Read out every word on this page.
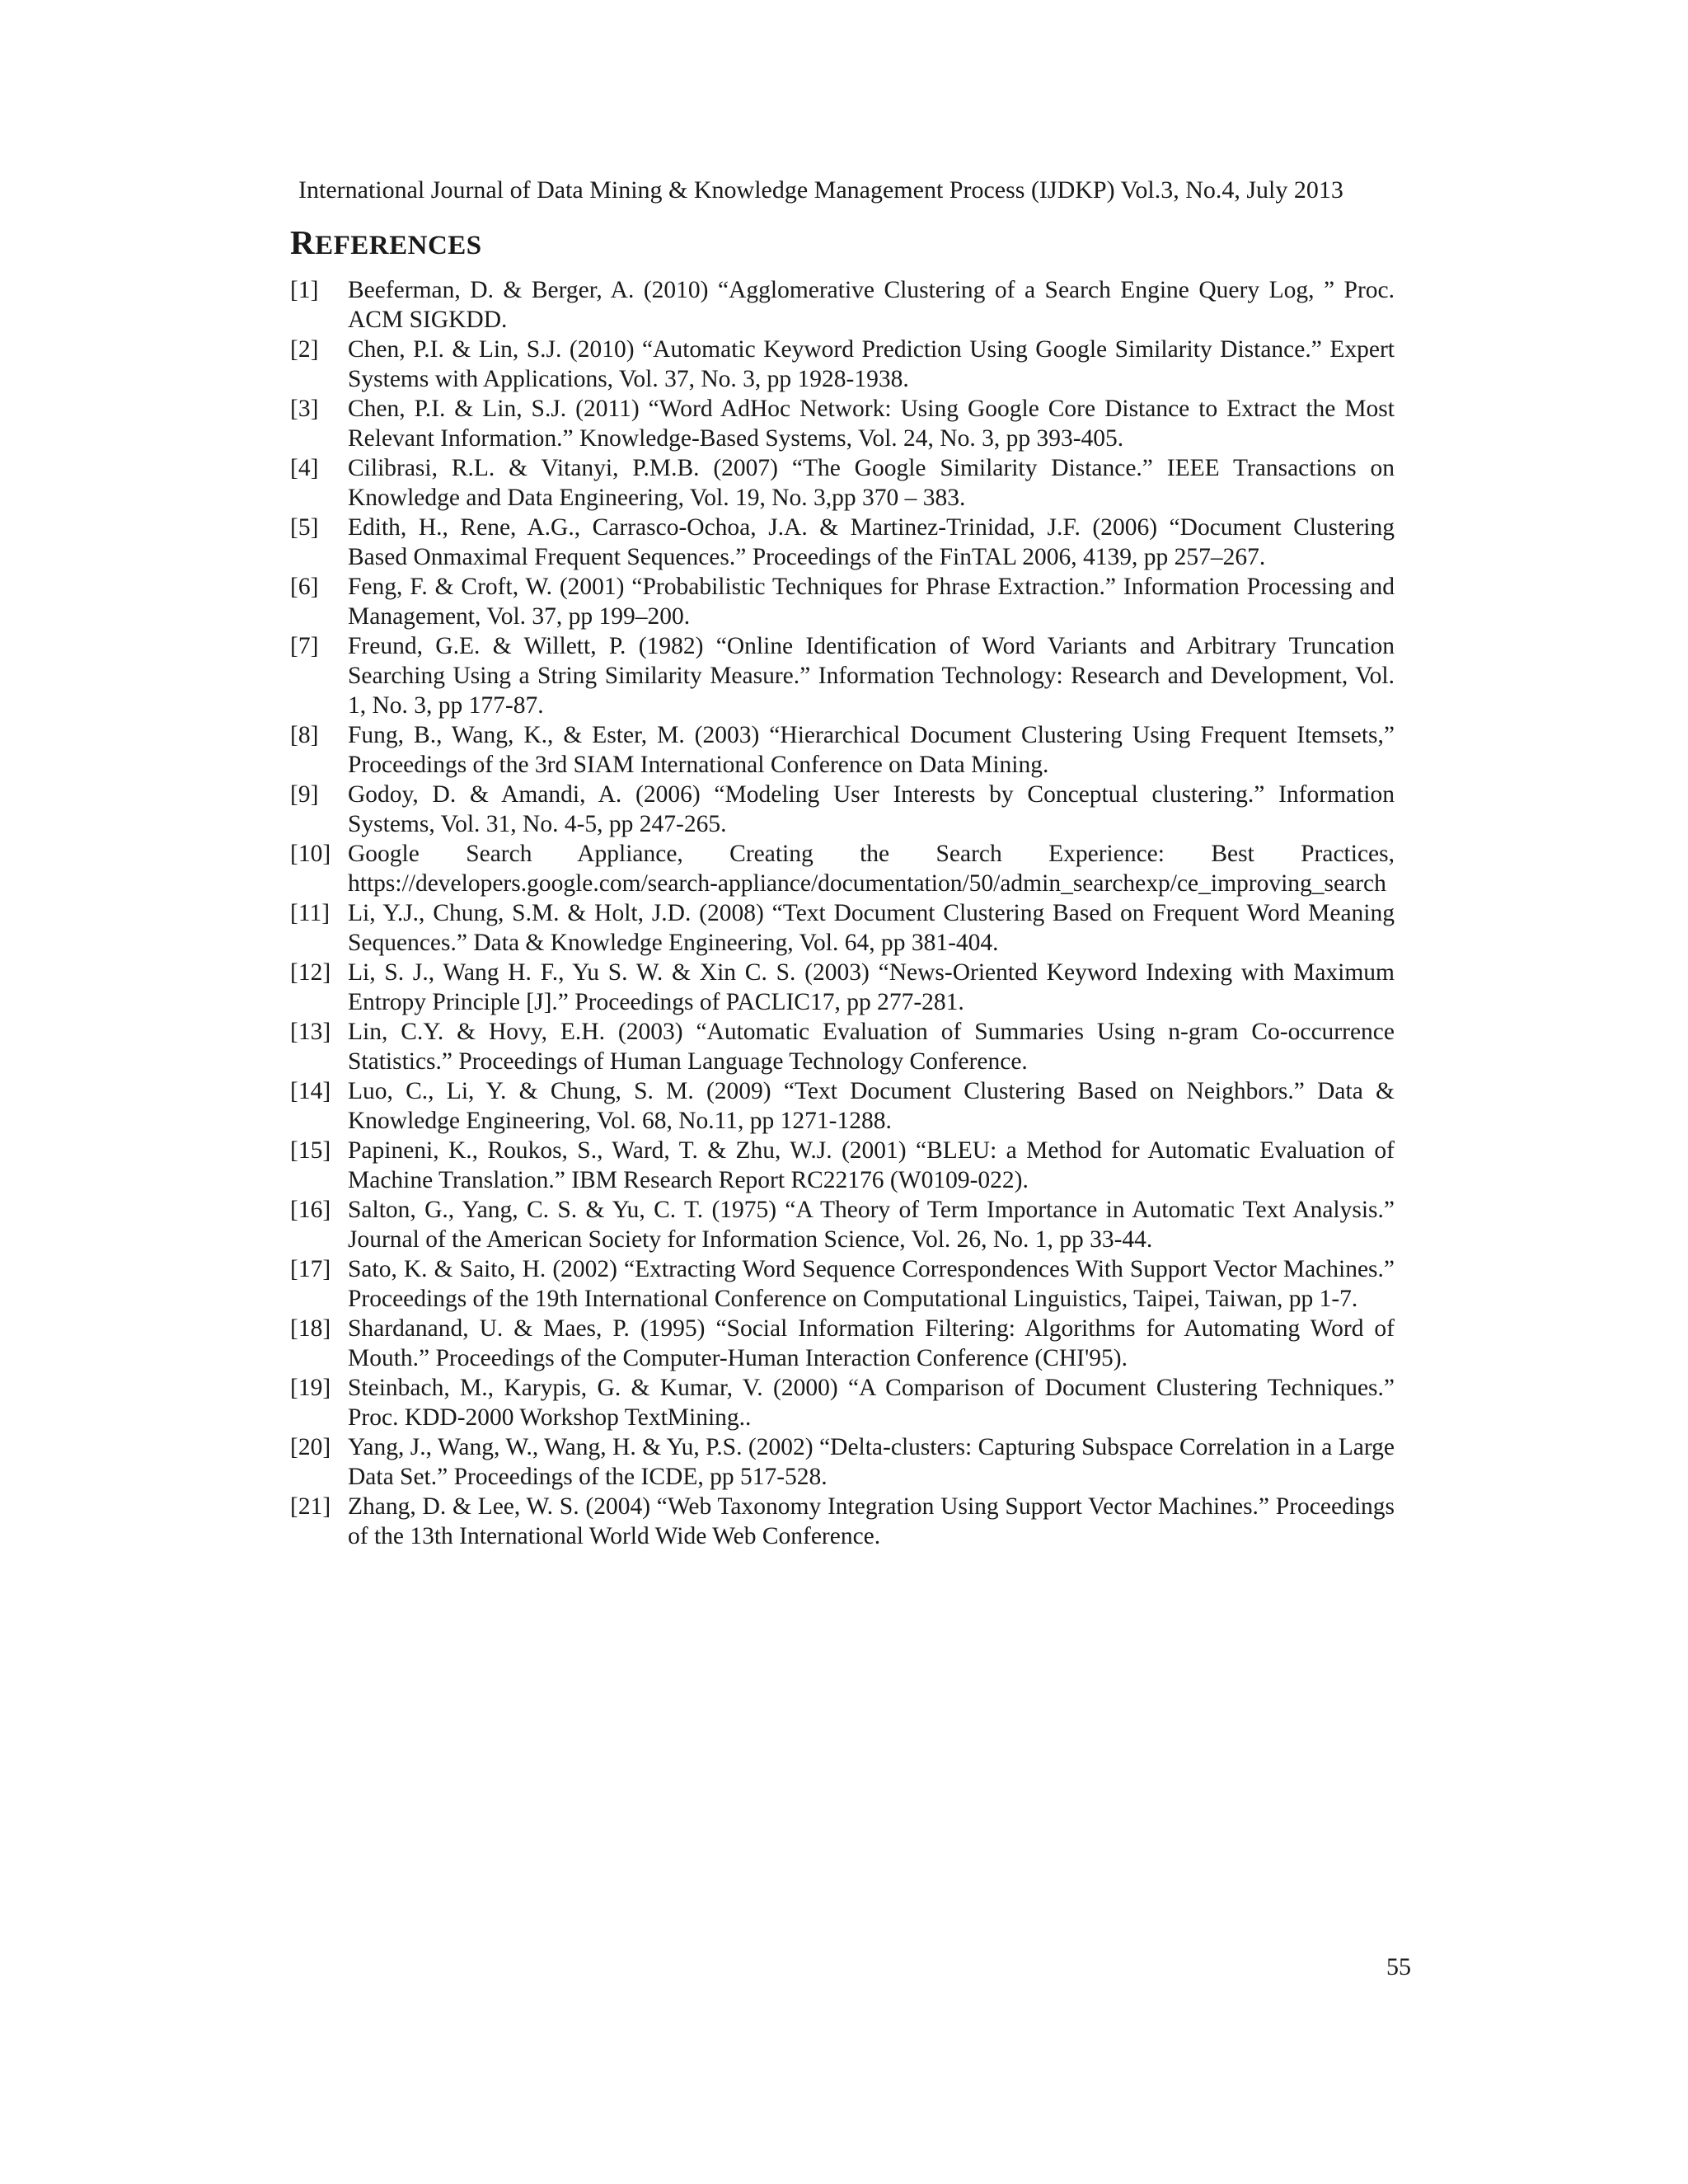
International Journal of Data Mining & Knowledge Management Process (IJDKP) Vol.3, No.4, July 2013
REFERENCES
[1]	Beeferman, D. & Berger, A. (2010) “Agglomerative Clustering of a Search Engine Query Log, ” Proc. ACM SIGKDD.
[2]	Chen, P.I. & Lin, S.J. (2010) “Automatic Keyword Prediction Using Google Similarity Distance.” Expert Systems with Applications, Vol. 37, No. 3, pp 1928-1938.
[3]	Chen, P.I. & Lin, S.J. (2011) “Word AdHoc Network: Using Google Core Distance to Extract the Most Relevant Information.” Knowledge-Based Systems, Vol. 24, No. 3, pp 393-405.
[4]	Cilibrasi, R.L. & Vitanyi, P.M.B. (2007) “The Google Similarity Distance.” IEEE Transactions on Knowledge and Data Engineering, Vol. 19, No. 3,pp 370 – 383.
[5]	Edith, H., Rene, A.G., Carrasco-Ochoa, J.A. & Martinez-Trinidad, J.F. (2006) “Document Clustering Based Onmaximal Frequent Sequences.” Proceedings of the FinTAL 2006, 4139, pp 257–267.
[6]	Feng, F. & Croft, W. (2001) “Probabilistic Techniques for Phrase Extraction.” Information Processing and Management, Vol. 37, pp 199–200.
[7]	Freund, G.E. & Willett, P. (1982) “Online Identification of Word Variants and Arbitrary Truncation Searching Using a String Similarity Measure.” Information Technology: Research and Development, Vol. 1, No. 3, pp 177-87.
[8]	Fung, B., Wang, K., & Ester, M. (2003) “Hierarchical Document Clustering Using Frequent Itemsets,” Proceedings of the 3rd SIAM International Conference on Data Mining.
[9]	Godoy, D. & Amandi, A. (2006) “Modeling User Interests by Conceptual clustering.” Information Systems, Vol. 31, No. 4-5, pp 247-265.
[10] Google Search Appliance, Creating the Search Experience: Best Practices, https://developers.google.com/search-appliance/documentation/50/admin_searchexp/ce_improving_search
[11] Li, Y.J., Chung, S.M. & Holt, J.D. (2008) “Text Document Clustering Based on Frequent Word Meaning Sequences.” Data & Knowledge Engineering, Vol. 64, pp 381-404.
[12] Li, S. J., Wang H. F., Yu S. W. & Xin C. S. (2003) “News-Oriented Keyword Indexing with Maximum Entropy Principle [J].” Proceedings of PACLIC17, pp 277-281.
[13] Lin, C.Y. & Hovy, E.H. (2003) “Automatic Evaluation of Summaries Using n-gram Co-occurrence Statistics.” Proceedings of Human Language Technology Conference.
[14] Luo, C., Li, Y. & Chung, S. M. (2009) “Text Document Clustering Based on Neighbors.” Data & Knowledge Engineering, Vol. 68, No.11, pp 1271-1288.
[15] Papineni, K., Roukos, S., Ward, T. & Zhu, W.J. (2001) “BLEU: a Method for Automatic Evaluation of Machine Translation.” IBM Research Report RC22176 (W0109-022).
[16] Salton, G., Yang, C. S. & Yu, C. T. (1975) “A Theory of Term Importance in Automatic Text Analysis.” Journal of the American Society for Information Science, Vol. 26, No. 1, pp 33-44.
[17] Sato, K. & Saito, H. (2002) “Extracting Word Sequence Correspondences With Support Vector Machines.” Proceedings of the 19th International Conference on Computational Linguistics, Taipei, Taiwan, pp 1-7.
[18] Shardanand, U. & Maes, P. (1995) “Social Information Filtering: Algorithms for Automating Word of Mouth.” Proceedings of the Computer-Human Interaction Conference (CHI'95).
[19] Steinbach, M., Karypis, G. & Kumar, V. (2000) “A Comparison of Document Clustering Techniques.” Proc. KDD-2000 Workshop TextMining..
[20] Yang, J., Wang, W., Wang, H. & Yu, P.S. (2002) “Delta-clusters: Capturing Subspace Correlation in a Large Data Set.” Proceedings of the ICDE, pp 517-528.
[21] Zhang, D. & Lee, W. S. (2004) “Web Taxonomy Integration Using Support Vector Machines.” Proceedings of the 13th International World Wide Web Conference.
55
